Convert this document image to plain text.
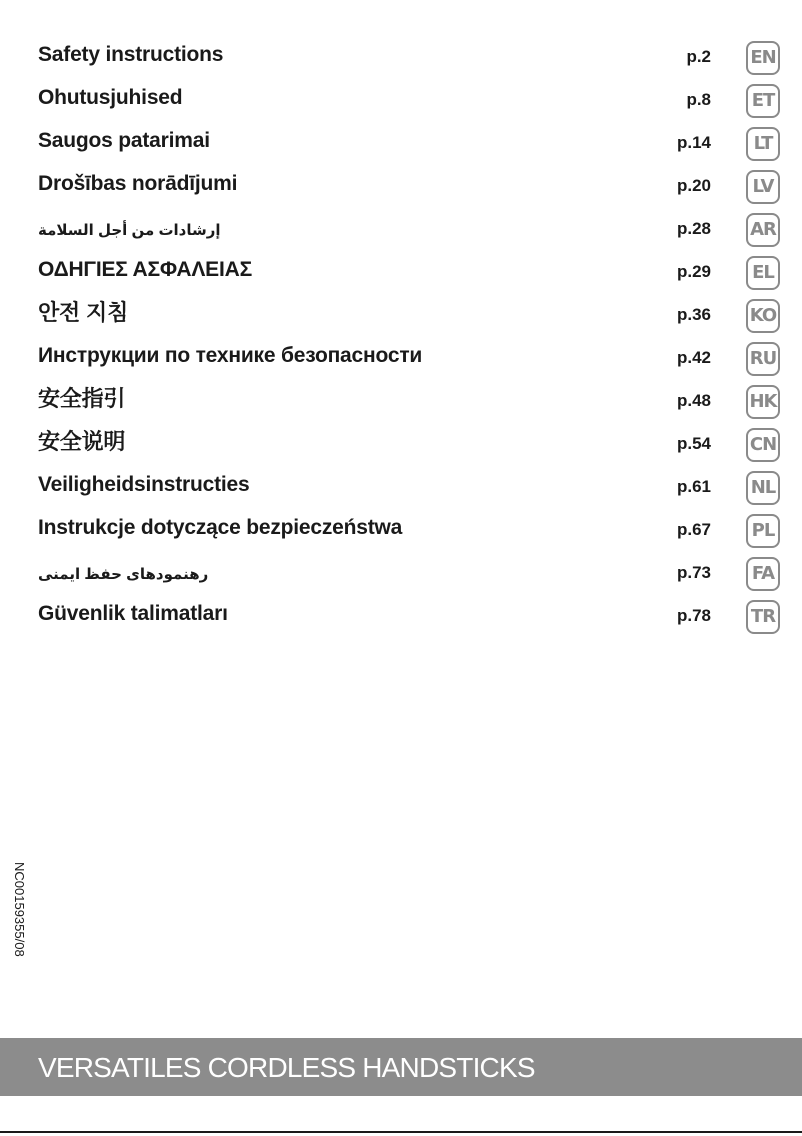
Safety instructions	p.2 EN
Ohutusjuhised	p.8	ET
Saugos patarimai	p.14	LT
Drošības norādījumi	p.20	LV
إرشادات من أجل السلامة	p.28 AR
ΟΔΗΓΙΕΣ ΑΣΦΑΛΕΙΑΣ	p.29	EL
안전 지침	p.36 KO
Инструкции по технике безопасности	p.42 RU
安全指引	p.48 HK
安全说明	p.54 CN
Veiligheidsinstructies	p.61 NL
Instrukcje dotyczące bezpieczeństwa	p.67	PL
رهنمودهای حفظ ایمنی	p.73	FA
Güvenlik talimatları	p.78 TR
NC00159355/08
VERSATILES CORDLESS HANDSTICKS
